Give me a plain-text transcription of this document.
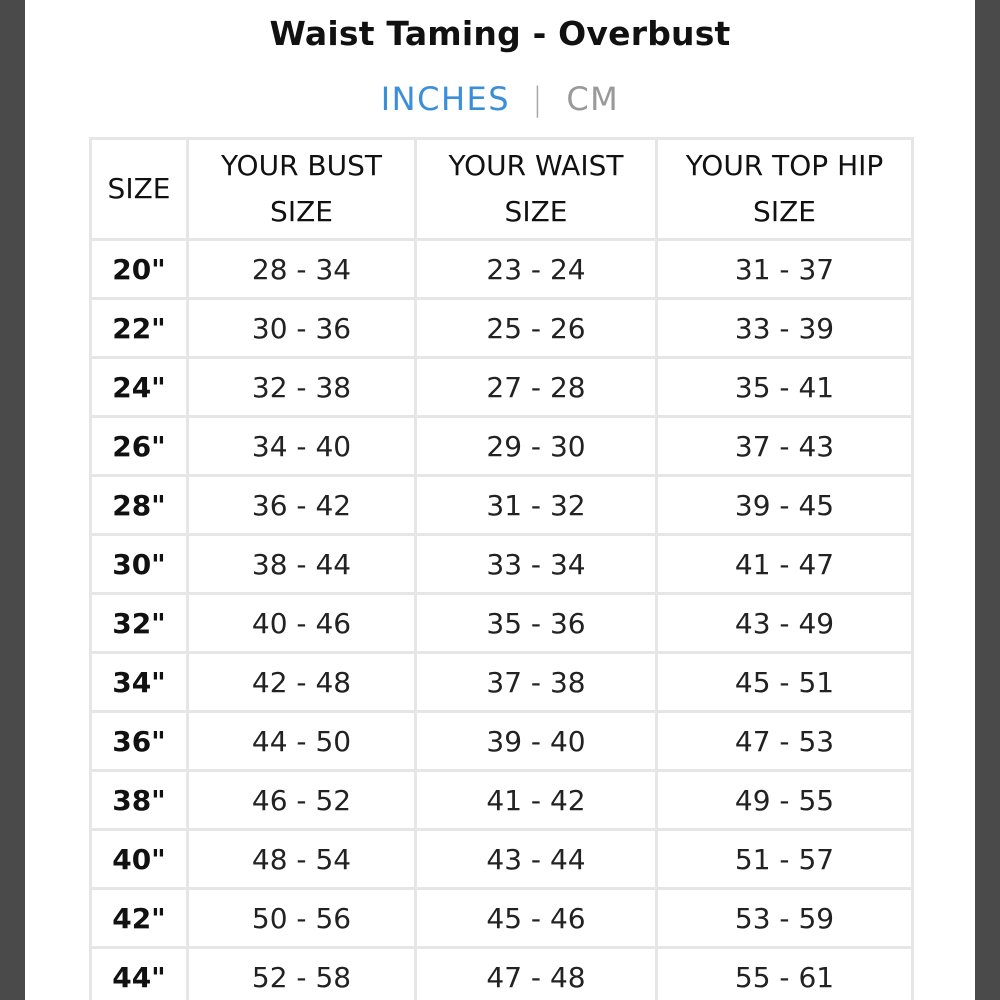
Waist Taming - Overbust
INCHES | CM
SIZE	YOUR BUST SIZE	YOUR WAIST SIZE	YOUR TOP HIP SIZE
20"	28 - 34	23 - 24	31 - 37
22"	30 - 36	25 - 26	33 - 39
24"	32 - 38	27 - 28	35 - 41
26"	34 - 40	29 - 30	37 - 43
28"	36 - 42	31 - 32	39 - 45
30"	38 - 44	33 - 34	41 - 47
32"	40 - 46	35 - 36	43 - 49
34"	42 - 48	37 - 38	45 - 51
36"	44 - 50	39 - 40	47 - 53
38"	46 - 52	41 - 42	49 - 55
40"	48 - 54	43 - 44	51 - 57
42"	50 - 56	45 - 46	53 - 59
44"	52 - 58	47 - 48	55 - 61
